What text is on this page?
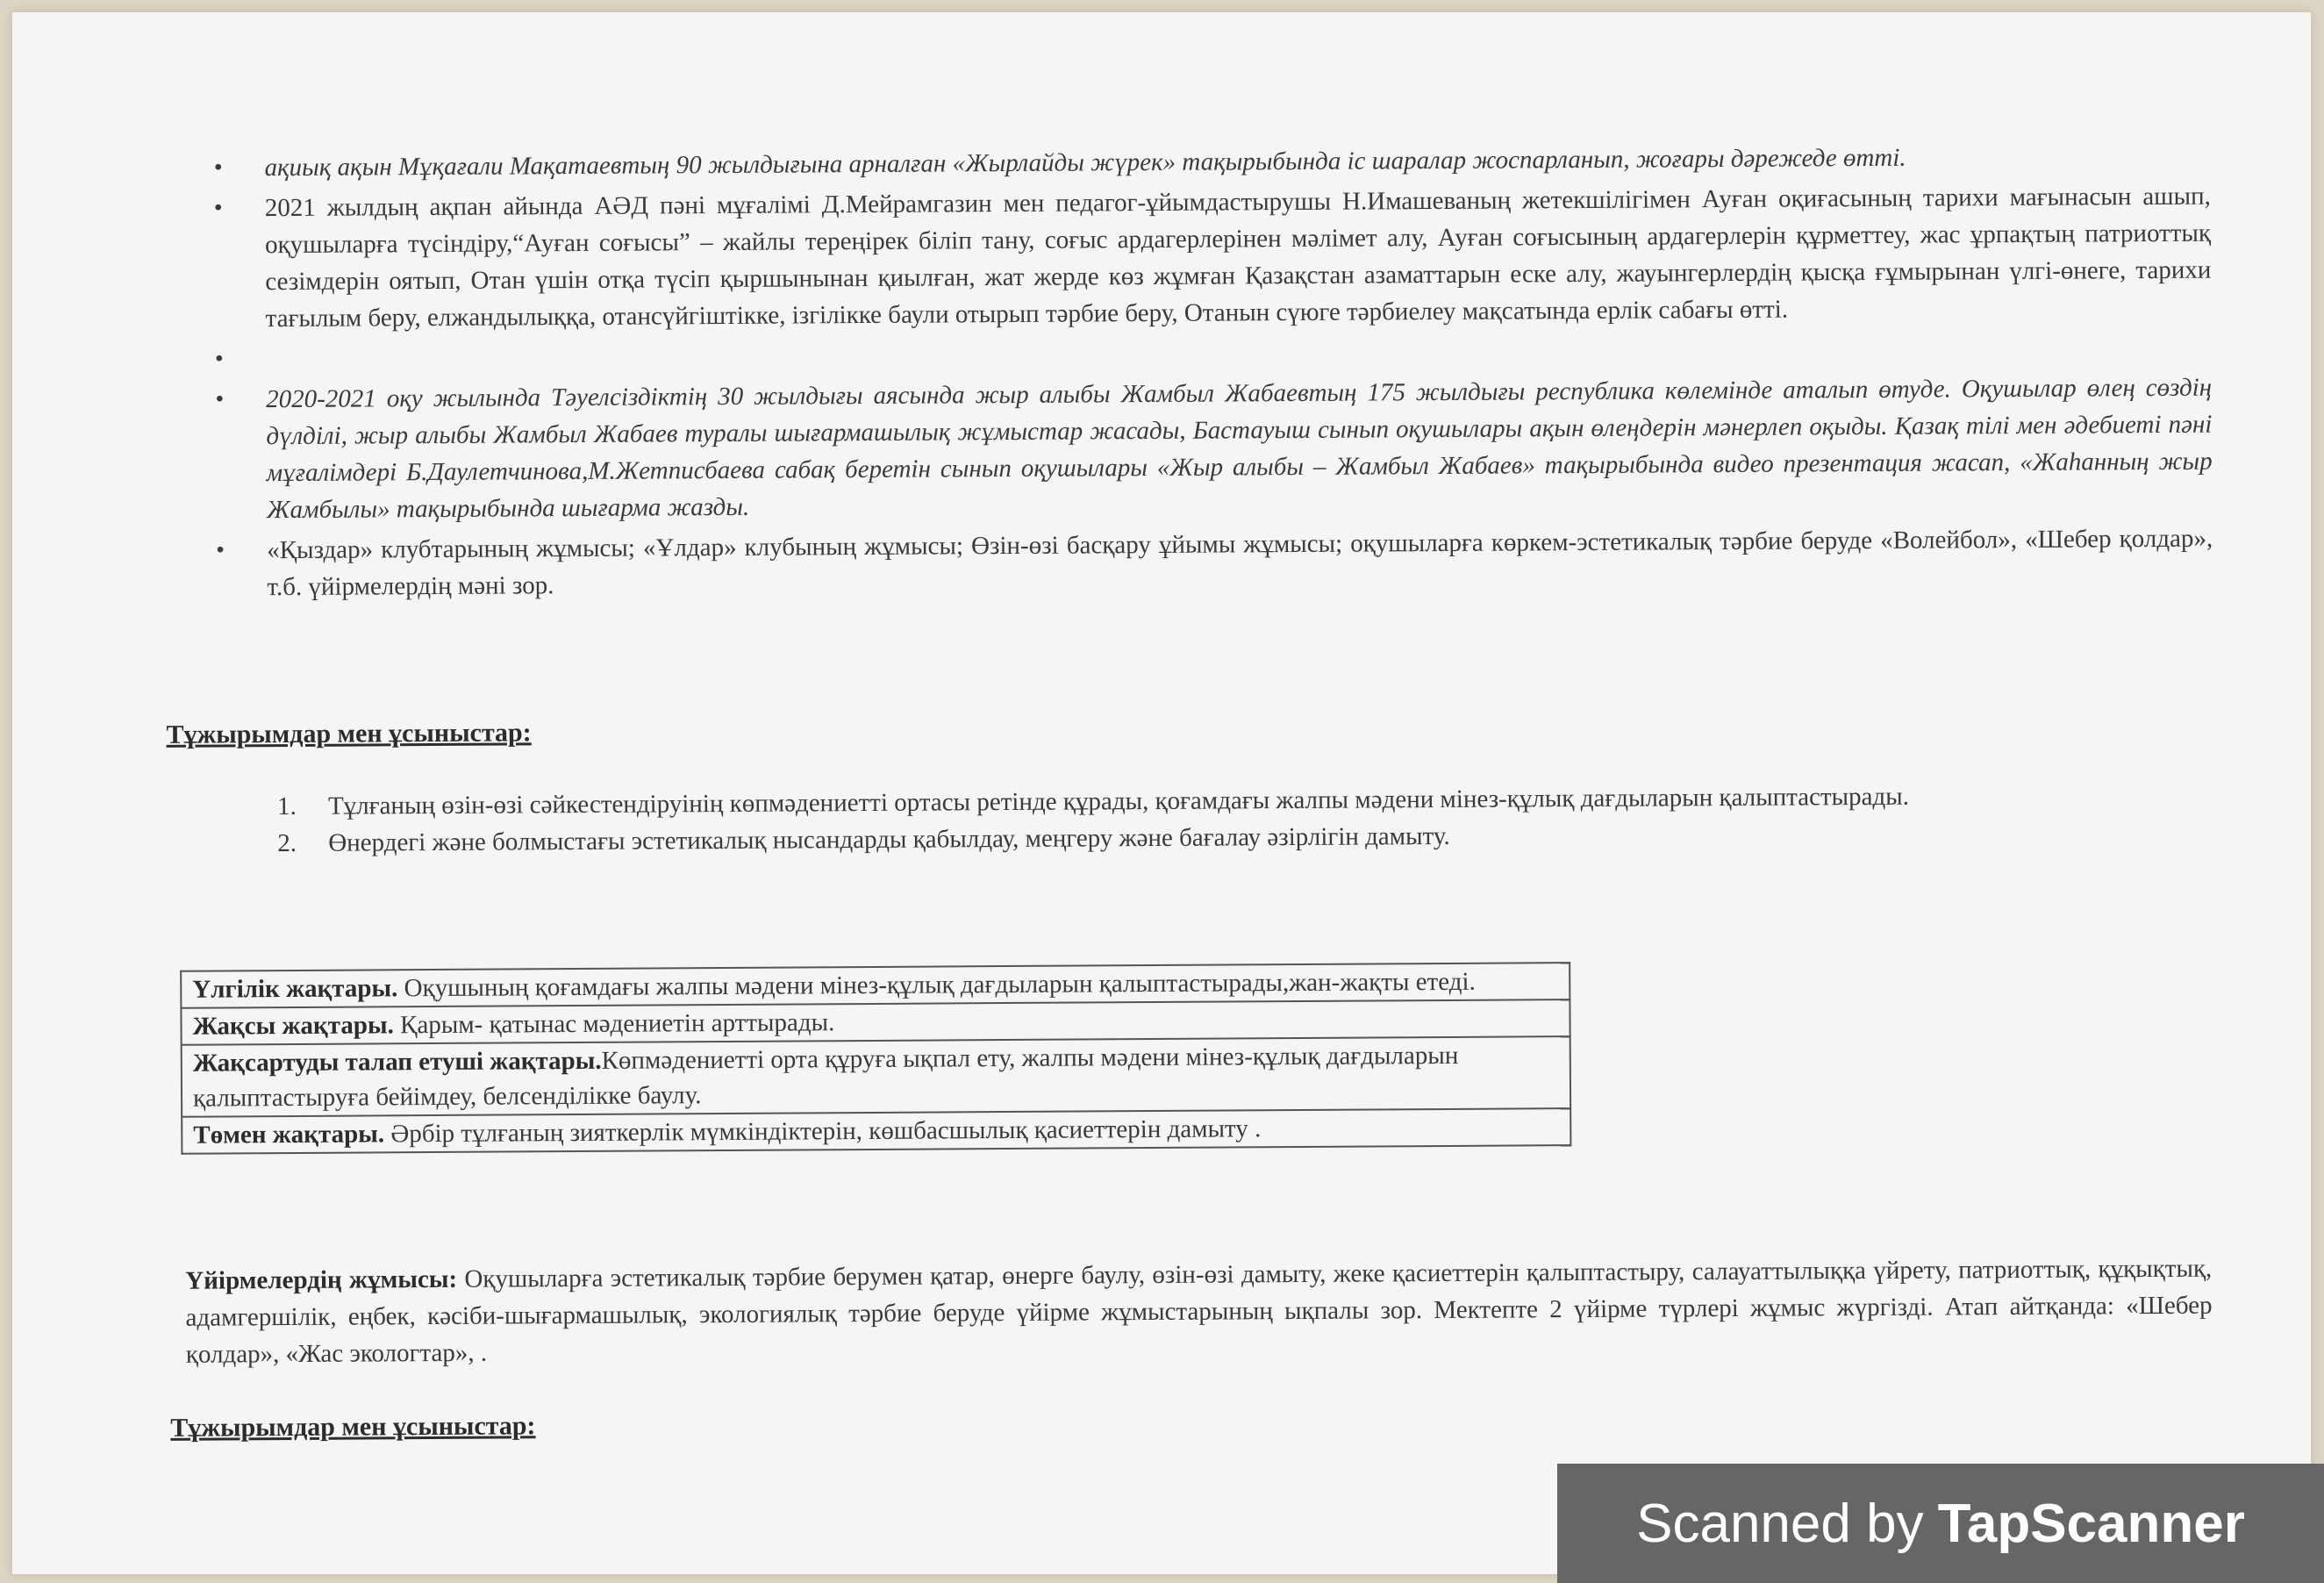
• ақиық ақын Мұқағали Мақатаевтың 90 жылдығына арналған «Жырлайды жүрек» тақырыбында іс шаралар жоспарланып, жоғары дәрежеде өтті.
• 2021 жылдың ақпан айында АӘД пәні мұғалімі Д.Мейрамгазин мен педагог-ұйымдастырушы Н.Имашеваның жетекшілігімен Ауған оқиғасының тарихи мағынасын ашып, оқушыларға түсіндіру,“Ауған соғысы” – жайлы тереңірек біліп тану, соғыс ардагерлерінен мәлімет алу, Ауған соғысының ардагерлерін құрметтеу, жас ұрпақтың патриоттық сезімдерін оятып, Отан үшін отқа түсіп қыршынынан қиылған, жат жерде көз жұмған Қазақстан азаматтарын еске алу, жауынгерлердің қысқа ғұмырынан үлгі-өнеге, тарихи тағылым беру, елжандылыққа, отансүйгіштікке, ізгілікке баули отырып тәрбие беру, Отанын сүюге тәрбиелеу мақсатында ерлік сабағы өтті.
•
• 2020-2021 оқу жылында Тәуелсіздіктің 30 жылдығы аясында жыр алыбы Жамбыл Жабаевтың 175 жылдығы республика көлемінде аталып өтуде. Оқушылар өлең сөздің дүлділі, жыр алыбы Жамбыл Жабаев туралы шығармашылық жұмыстар жасады, Бастауыш сынып оқушылары ақын өлеңдерін мәнерлеп оқыды. Қазақ тілі мен әдебиеті пәні мұғалімдері Б.Даулетчинова,М.Жетписбаева сабақ беретін сынып оқушылары «Жыр алыбы – Жамбыл Жабаев» тақырыбында видео презентация жасап, «Жаһанның жыр Жамбылы» тақырыбында шығарма жазды.
• «Қыздар» клубтарының жұмысы; «Ұлдар» клубының жұмысы; Өзін-өзі басқару ұйымы жұмысы; оқушыларға көркем-эстетикалық тәрбие беруде «Волейбол», «Шебер қолдар», т.б. үйірмелердің мәні зор.
Тұжырымдар мен ұсыныстар:
1. Тұлғаның өзін-өзі сәйкестендіруінің көпмәдениетті ортасы ретінде құрады, қоғамдағы жалпы мәдени мінез-құлық дағдыларын қалыптастырады.
2. Өнердегі және болмыстағы эстетикалық нысандарды қабылдау, меңгеру және бағалау әзірлігін дамыту.
Үлгілік жақтары. Оқушының қоғамдағы жалпы мәдени мінез-құлық дағдыларын қалыптастырады,жан-жақты етеді.
Жақсы жақтары. Қарым- қатынас мәдениетін арттырады.
Жақсартуды талап етуші жақтары.Көпмәдениетті орта құруға ықпал ету, жалпы мәдени мінез-құлық дағдыларын қалыптастыруға бейімдеу, белсенділікке баулу.
Төмен жақтары. Әрбір тұлғаның зияткерлік мүмкіндіктерін, көшбасшылық қасиеттерін дамыту .
Үйірмелердің жұмысы: Оқушыларға эстетикалық тәрбие берумен қатар, өнерге баулу, өзін-өзі дамыту, жеке қасиеттерін қалыптастыру, салауаттылыққа үйрету, патриоттық, құқықтық, адамгершілік, еңбек, кәсіби-шығармашылық, экологиялық тәрбие беруде үйірме жұмыстарының ықпалы зор. Мектепте 2 үйірме түрлері жұмыс жүргізді. Атап айтқанда: «Шебер қолдар», «Жас экологтар», .
Тұжырымдар мен ұсыныстар:
Scanned by TapScanner
